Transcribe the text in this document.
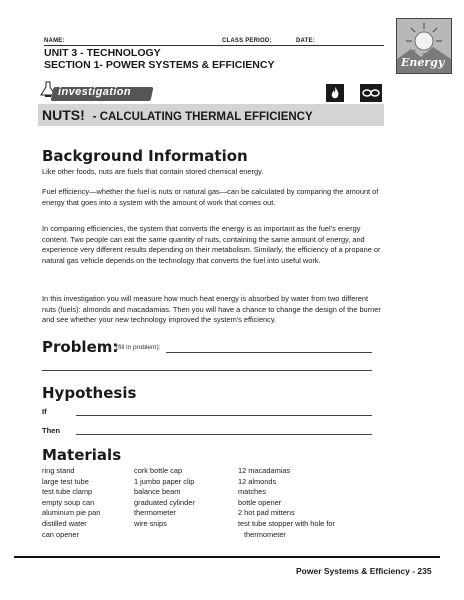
NAME:	CLASS PERIOD:	DATE:
UNIT 3 - TECHNOLOGY
SECTION 1- POWER SYSTEMS & EFFICIENCY	Energy
investigation
NUTS! - CALCULATING THERMAL EFFICIENCY
Background Information
Like other foods, nuts are fuels that contain stored chemical energy.
Fuel efficiency—whether the fuel is nuts or natural gas—can be calculated by comparing the amount of energy that goes into a system with the amount of work that comes out.
In comparing efficiencies, the system that converts the energy is as important as the fuel's energy content. Two people can eat the same quantity of nuts, containing the same amount of energy, and experience very different results depending on their metabolism. Similarly, the efficiency of a propane or natural gas vehicle depends on the technology that converts the fuel into useful work.
In this investigation you will measure how much heat energy is absorbed by water from two different nuts (fuels): almonds and macadamias. Then you will have a chance to change the design of the burner and see whether your new technology improved the system's efficiency.
Problem:
(fill in problem):
Hypothesis
If
Then
Materials
ring stand
large test tube
test tube clamp
empty soup can
aluminum pie pan
distilled water
can opener
cork bottle cap
1 jumbo paper clip
balance beam
graduated cylinder
thermometer
wire snips
12 macadamias
12 almonds
matches
bottle opener
2 hot pad mittens
test tube stopper with hole for
thermometer
Power Systems & Efficiency - 235
